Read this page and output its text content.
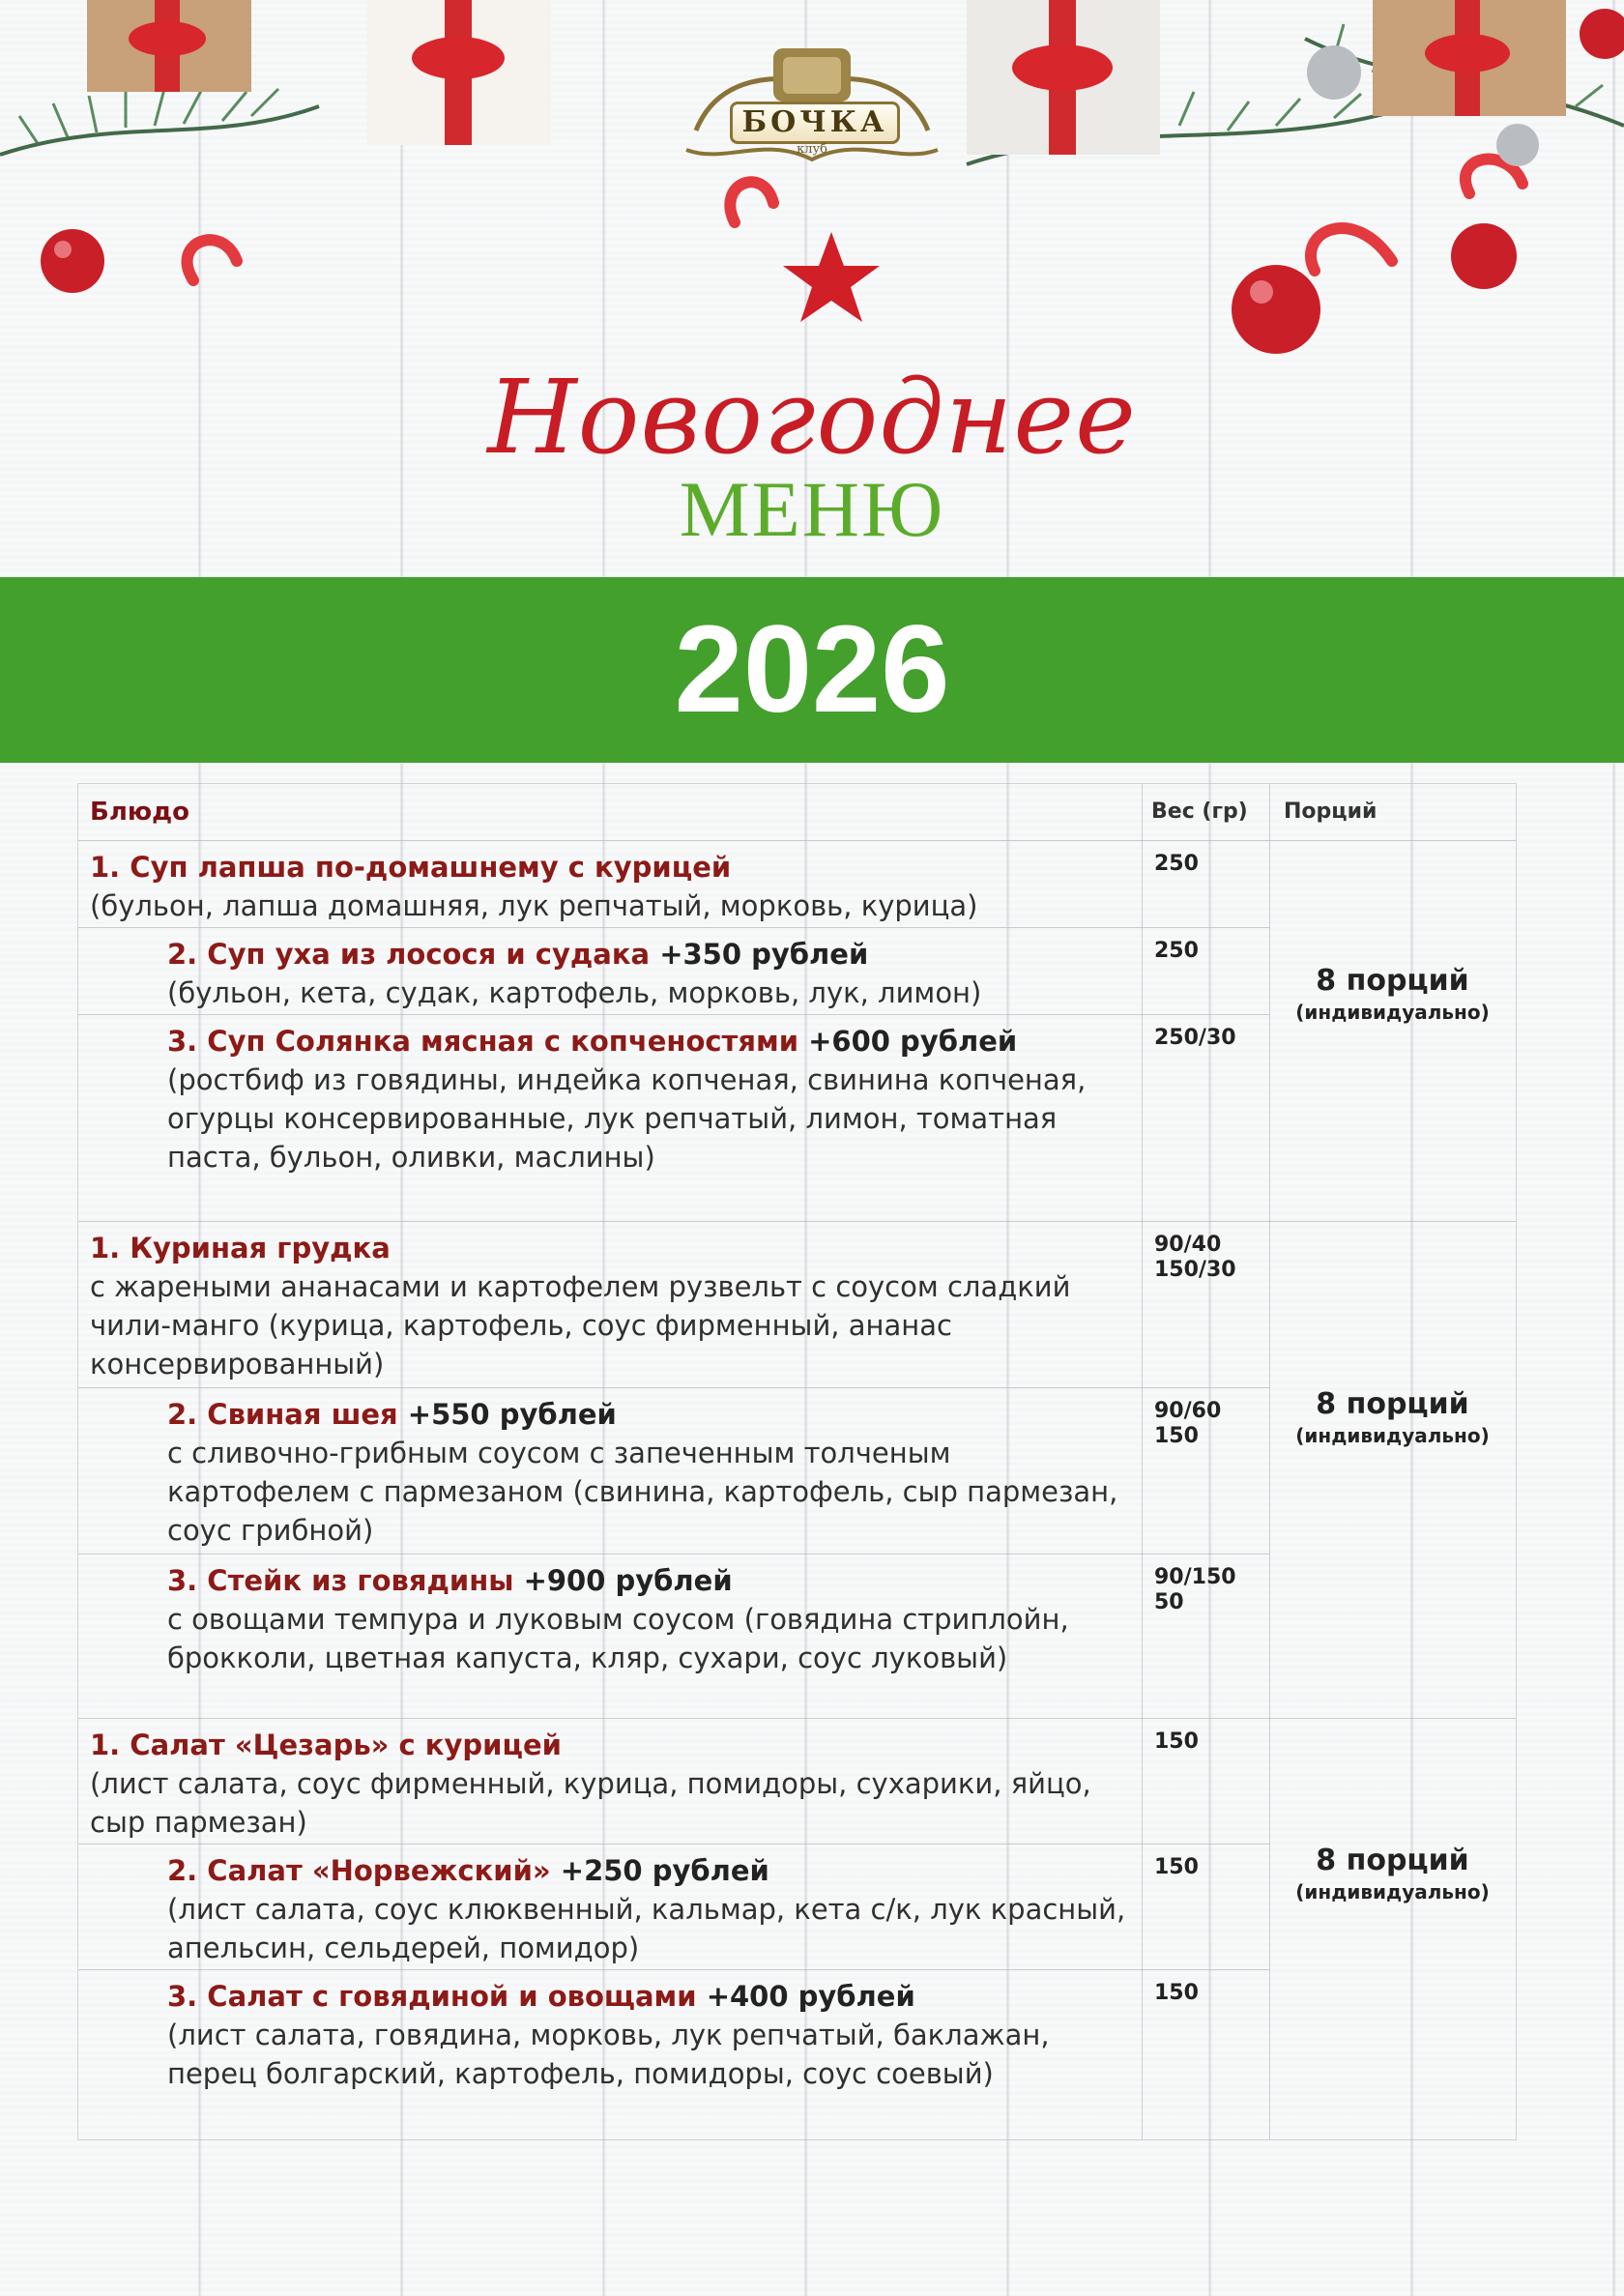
БОЧКА
клуб
Новогоднее
МЕНЮ
2026
Блюдо	Вес (гр) Порций
1. Суп лапша по-домашнему с курицей
(бульон, лапша домашняя, лук репчатый, морковь, курица)
250
2. Суп уха из лосося и судака +350 рублей
(бульон, кета, судак, картофель, морковь, лук, лимон)
250
3. Суп Солянка мясная с копченостями +600 рублей
(ростбиф из говядины, индейка копченая, свинина копченая, огурцы консервированные, лук репчатый, лимон, томатная паста, бульон, оливки, маслины)
250/30
8 порций
(индивидуально)
1. Куриная грудка
с жареными ананасами и картофелем рузвельт с соусом сладкий чили-манго (курица, картофель, соус фирменный, ананас консервированный)
90/40
150/30
2. Свиная шея +550 рублей
с сливочно-грибным соусом с запеченным толченым картофелем с пармезаном (свинина, картофель, сыр пармезан, соус грибной)
90/60
150
3. Стейк из говядины +900 рублей
с овощами темпура и луковым соусом (говядина стриплойн, брокколи, цветная капуста, кляр, сухари, соус луковый)
90/150
50
8 порций
(индивидуально)
1. Салат «Цезарь» с курицей
(лист салата, соус фирменный, курица, помидоры, сухарики, яйцо, сыр пармезан)
150
2. Салат «Норвежский» +250 рублей
(лист салата, соус клюквенный, кальмар, кета с/к, лук красный, апельсин, сельдерей, помидор)
150
3. Салат с говядиной и овощами +400 рублей
(лист салата, говядина, морковь, лук репчатый, баклажан, перец болгарский, картофель, помидоры, соус соевый)
150
8 порций
(индивидуально)
